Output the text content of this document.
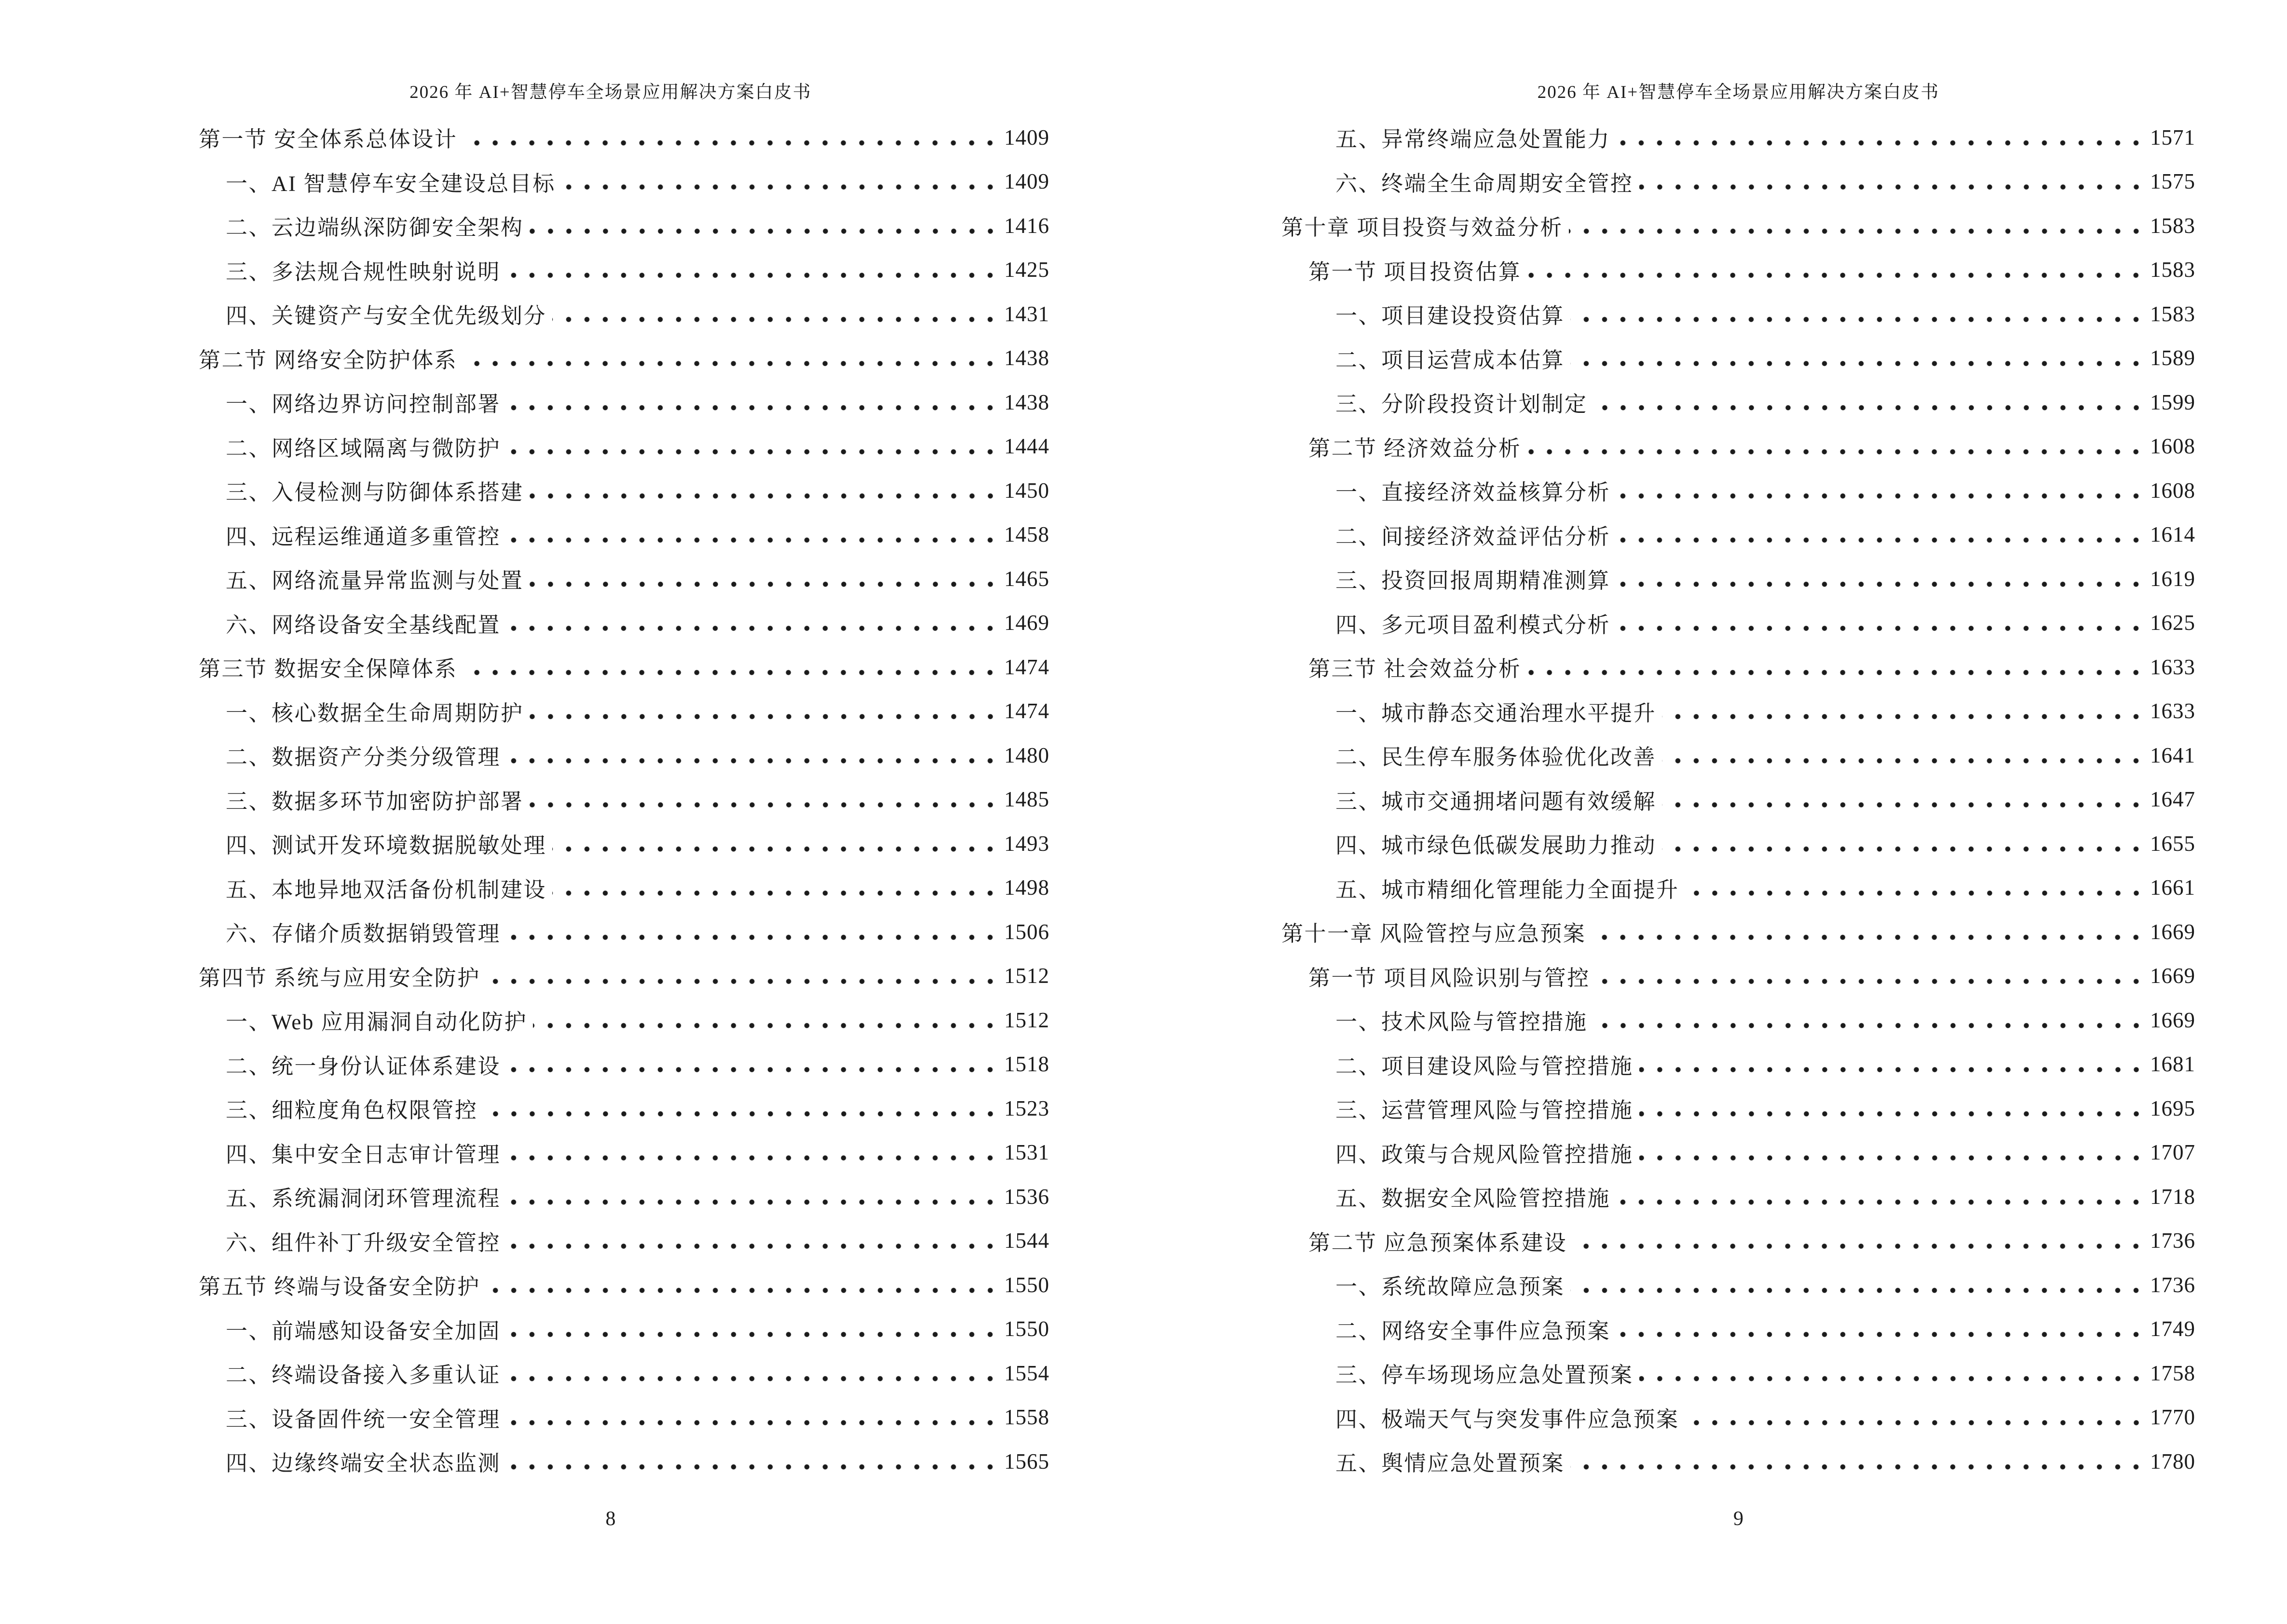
2026 年 AI+智慧停车全场景应用解决方案白皮书
第一节 安全体系总体设计	1409
一、AI 智慧停车安全建设总目标	1409
二、云边端纵深防御安全架构	1416
三、多法规合规性映射说明	1425
四、关键资产与安全优先级划分	1431
第二节 网络安全防护体系	1438
一、网络边界访问控制部署	1438
二、网络区域隔离与微防护	1444
三、入侵检测与防御体系搭建	1450
四、远程运维通道多重管控	1458
五、网络流量异常监测与处置	1465
六、网络设备安全基线配置	1469
第三节 数据安全保障体系	1474
一、核心数据全生命周期防护	1474
二、数据资产分类分级管理	1480
三、数据多环节加密防护部署	1485
四、测试开发环境数据脱敏处理	1493
五、本地异地双活备份机制建设	1498
六、存储介质数据销毁管理	1506
第四节 系统与应用安全防护	1512
一、Web 应用漏洞自动化防护	1512
二、统一身份认证体系建设	1518
三、细粒度角色权限管控	1523
四、集中安全日志审计管理	1531
五、系统漏洞闭环管理流程	1536
六、组件补丁升级安全管控	1544
第五节 终端与设备安全防护	1550
一、前端感知设备安全加固	1550
二、终端设备接入多重认证	1554
三、设备固件统一安全管理	1558
四、边缘终端安全状态监测	1565
8
2026 年 AI+智慧停车全场景应用解决方案白皮书
五、异常终端应急处置能力	1571
六、终端全生命周期安全管控	1575
第十章 项目投资与效益分析	1583
第一节 项目投资估算	1583
一、项目建设投资估算	1583
二、项目运营成本估算	1589
三、分阶段投资计划制定	1599
第二节 经济效益分析	1608
一、直接经济效益核算分析	1608
二、间接经济效益评估分析	1614
三、投资回报周期精准测算	1619
四、多元项目盈利模式分析	1625
第三节 社会效益分析	1633
一、城市静态交通治理水平提升	1633
二、民生停车服务体验优化改善	1641
三、城市交通拥堵问题有效缓解	1647
四、城市绿色低碳发展助力推动	1655
五、城市精细化管理能力全面提升	1661
第十一章 风险管控与应急预案	1669
第一节 项目风险识别与管控	1669
一、技术风险与管控措施	1669
二、项目建设风险与管控措施	1681
三、运营管理风险与管控措施	1695
四、政策与合规风险管控措施	1707
五、数据安全风险管控措施	1718
第二节 应急预案体系建设	1736
一、系统故障应急预案	1736
二、网络安全事件应急预案	1749
三、停车场现场应急处置预案	1758
四、极端天气与突发事件应急预案	1770
五、舆情应急处置预案	1780
9
